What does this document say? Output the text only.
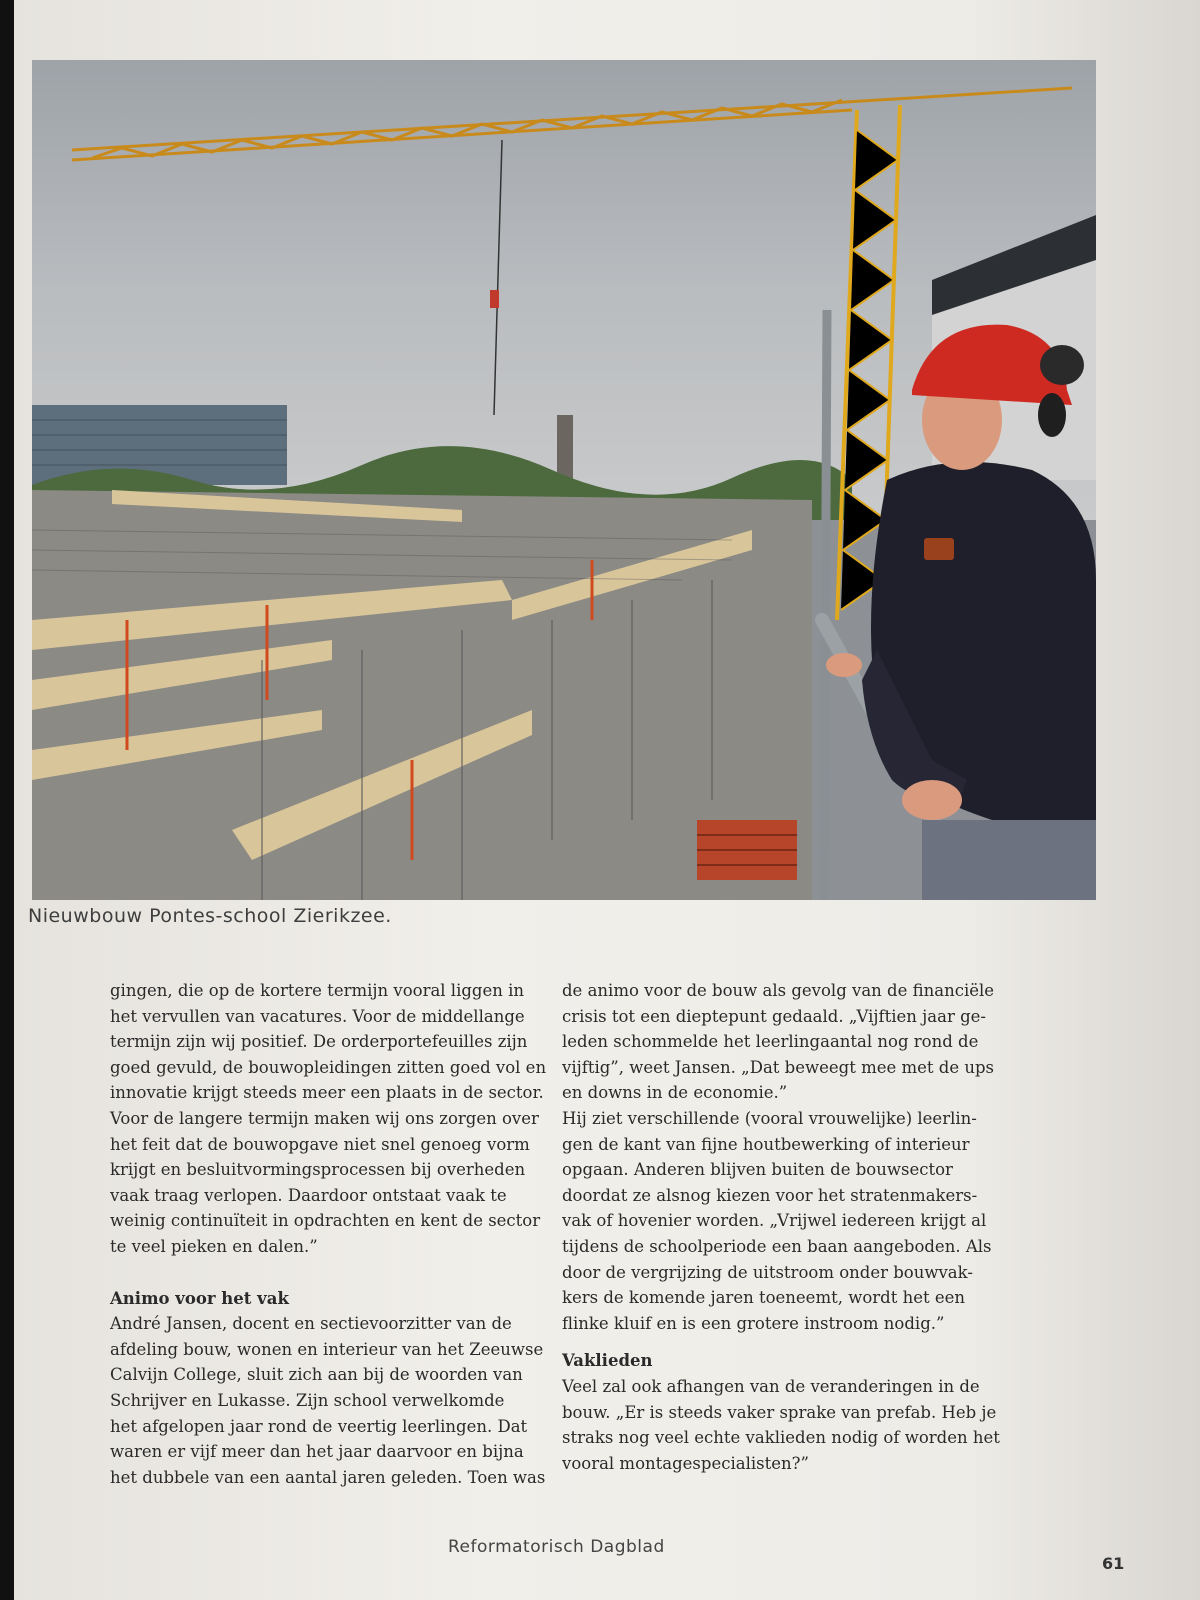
Nieuwbouw Pontes-school Zierikzee.

gingen, die op de kortere termijn vooral liggen in
het vervullen van vacatures. Voor de middellange
termijn zijn wij positief. De orderportefeuilles zijn
goed gevuld, de bouwopleidingen zitten goed vol en
innovatie krijgt steeds meer een plaats in de sector.
Voor de langere termijn maken wij ons zorgen over
het feit dat de bouwopgave niet snel genoeg vorm
krijgt en besluitvormingsprocessen bij overheden
vaak traag verlopen. Daardoor ontstaat vaak te
weinig continuïteit in opdrachten en kent de sector
te veel pieken en dalen.”

Animo voor het vak

André Jansen, docent en sectievoorzitter van de
afdeling bouw, wonen en interieur van het Zeeuwse
Calvijn College, sluit zich aan bij de woorden van
Schrijver en Lukasse. Zijn school verwelkomde
het afgelopen jaar rond de veertig leerlingen. Dat
waren er vijf meer dan het jaar daarvoor en bijna
het dubbele van een aantal jaren geleden. Toen was

de animo voor de bouw als gevolg van de financiële
crisis tot een dieptepunt gedaald. „Vijftien jaar ge-
leden schommelde het leerlingaantal nog rond de
vijftig”, weet Jansen. „Dat beweegt mee met de ups
en downs in de economie.”

Hij ziet verschillende (vooral vrouwelijke) leerlin-
gen de kant van fijne houtbewerking of interieur
opgaan. Anderen blijven buiten de bouwsector
doordat ze alsnog kiezen voor het stratenmakers-
vak of hovenier worden. „Vrijwel iedereen krijgt al
tijdens de schoolperiode een baan aangeboden. Als
door de vergrijzing de uitstroom onder bouwvak-
kers de komende jaren toeneemt, wordt het een
flinke kluif en is een grotere instroom nodig.”

Vaklieden

Veel zal ook afhangen van de veranderingen in de
bouw. „Er is steeds vaker sprake van prefab. Heb je
straks nog veel echte vaklieden nodig of worden het
vooral montagespecialisten?”

Reformatorisch Dagblad
61
